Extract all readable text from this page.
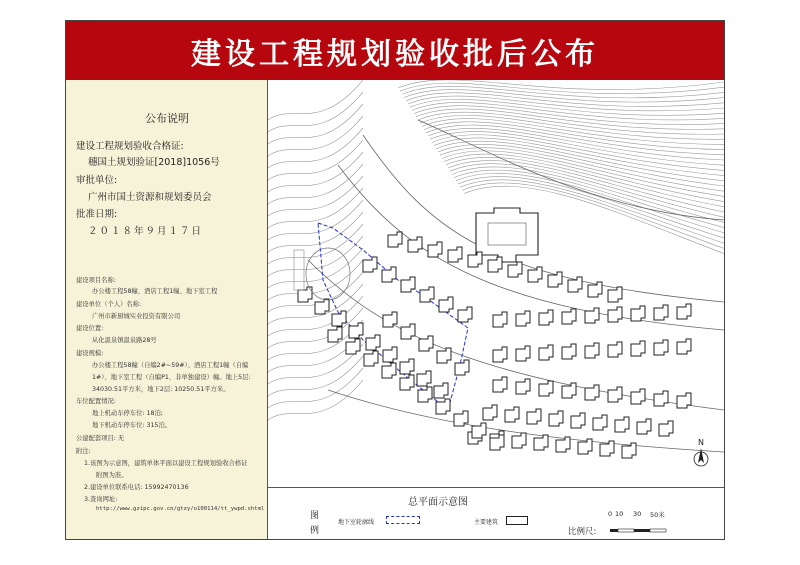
建设工程规划验收批后公布
公布说明
建设工程规划验收合格证:
穗国土规划验证[2018]1056号
审批单位:
广州市国土资源和规划委员会
批准日期:
２０１８年９月１７日
建设项目名称:
办公楼工程58幢、酒店工程1幢、地下室工程
建设单位（个人）名称:
广州市新厨城实业投资有限公司
建设位置:
从化温泉镇温泉路28号
建设规模:
办公楼工程58幢（自编2#~59#）、酒店工程1幢（自编
1#）、地下室工程（自编P1、非单独建设）幢。地上5层:
34030.51平方米，地下2层: 10250.51平方米。
车位配置情况:
地上机动车停车位: 18泊;
地下机动车停车位: 315泊。
公建配套项目: 无
附注:
1.该图为示意图，建筑单体平面以建设工程规划验收合格证
附图为准。
2.建设单位联系电话: 15992470136
3.查询网址:
http://www.gzipc.gov.cn/gtzy/o100114/tt_ywpd.shtml
N
总平面示意图
图
例
地下室轮廓线	主要建筑
比例尺:
0 10 30 50米
